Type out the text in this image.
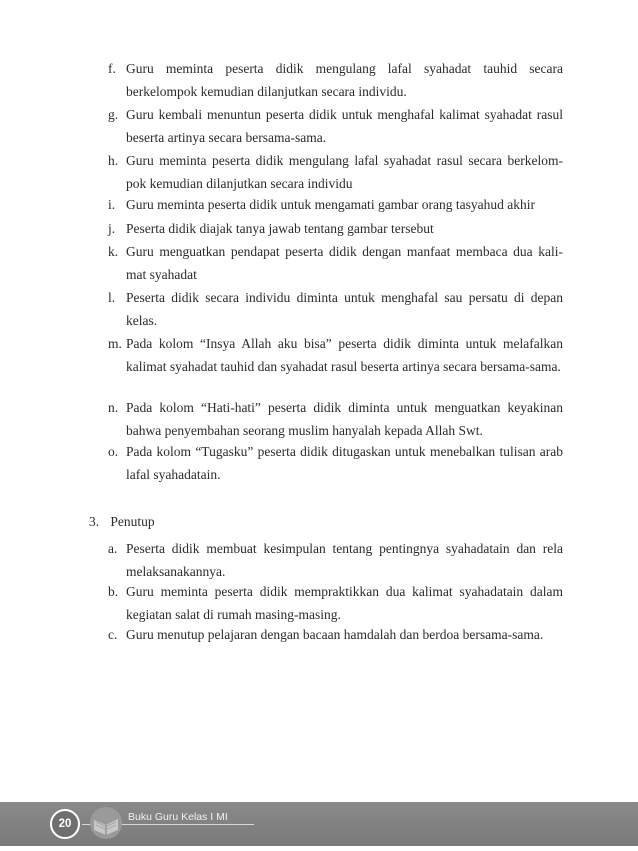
f. Guru meminta peserta didik mengulang lafal syahadat tauhid secara berkelompok kemudian dilanjutkan secara individu.
g. Guru kembali menuntun peserta didik untuk menghafal kalimat syahadat rasul beserta artinya secara bersama-sama.
h. Guru meminta peserta didik mengulang lafal syahadat rasul secara berkelom-pok kemudian dilanjutkan secara individu
i. Guru meminta peserta didik untuk mengamati gambar orang tasyahud akhir
j. Peserta didik diajak tanya jawab tentang gambar tersebut
k. Guru menguatkan pendapat peserta didik dengan manfaat membaca dua kali-mat syahadat
l. Peserta didik secara individu diminta untuk menghafal sau persatu di depan kelas.
m. Pada kolom “Insya Allah aku bisa” peserta didik diminta untuk melafalkan kalimat syahadat tauhid dan syahadat rasul beserta artinya secara bersama-sama.
n. Pada kolom “Hati-hati” peserta didik diminta untuk menguatkan keyakinan bahwa penyembahan seorang muslim hanyalah kepada Allah Swt.
o. Pada kolom “Tugasku” peserta didik ditugaskan untuk menebalkan tulisan arab lafal syahadatain.
3. Penutup
a. Peserta didik membuat kesimpulan tentang pentingnya syahadatain dan rela melaksanakannya.
b. Guru meminta peserta didik mempraktikkan dua kalimat syahadatain dalam kegiatan salat di rumah masing-masing.
c. Guru menutup pelajaran dengan bacaan hamdalah dan berdoa bersama-sama.
20
Buku Guru Kelas I MI
